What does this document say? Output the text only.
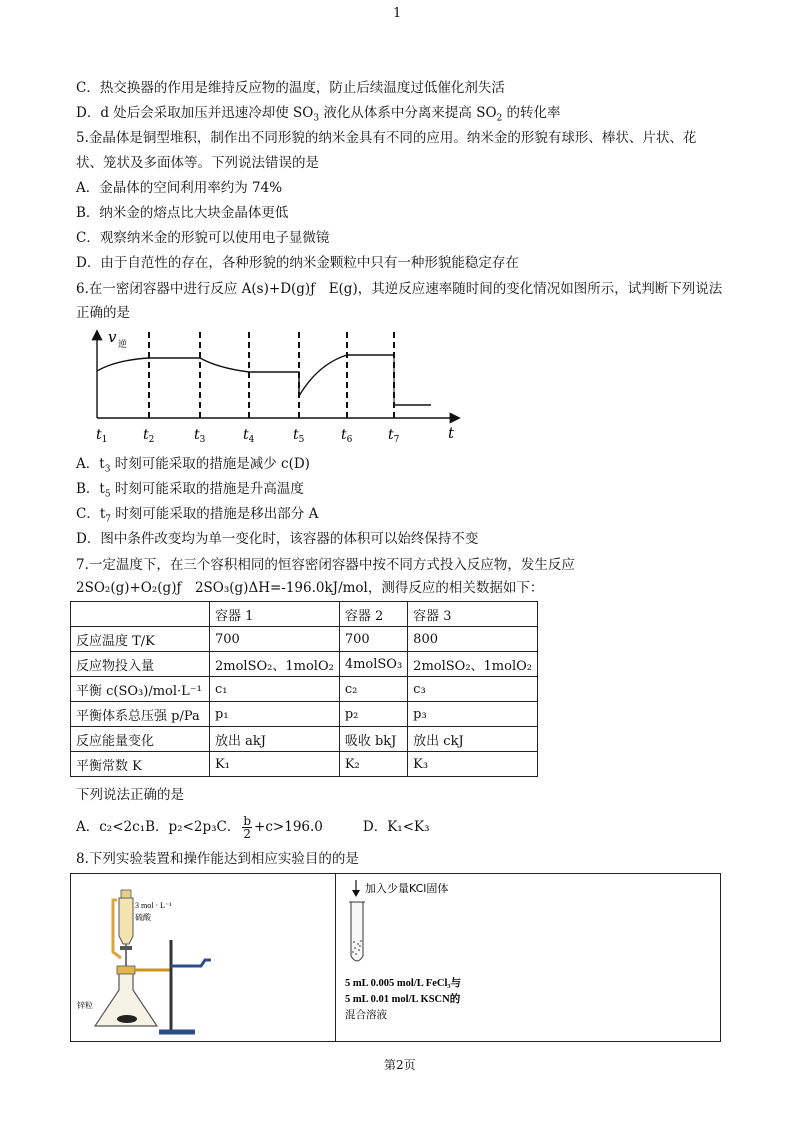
1
C．热交换器的作用是维持反应物的温度，防止后续温度过低催化剂失活
D．d 处后会采取加压并迅速冷却使 $SO_3$ 液化从体系中分离来提高 $SO_2$ 的转化率
5.金晶体是铜型堆积，制作出不同形貌的纳米金具有不同的应用。纳米金的形貌有球形、棒状、片状、花
状、笼状及多面体等。下列说法错误的是
A．金晶体的空间利用率约为 74%
B．纳米金的熔点比大块金晶体更低
C．观察纳米金的形貌可以使用电子显微镜
D．由于自范性的存在，各种形貌的纳米金颗粒中只有一种形貌能稳定存在
6.在一密闭容器中进行反应 A(s)+D(g)ƒ　E(g)，其逆反应速率随时间的变化情况如图所示，试判断下列说法
正确的是
v 逆
t
$t_1$	$t_2$	$t_3$	$t_4$	$t_5$	$t_6$	$t_7$
A．$t_3$ 时刻可能采取的措施是减少 c(D)
B．$t_5$ 时刻可能采取的措施是升高温度
C．$t_7$ 时刻可能采取的措施是移出部分 A
D．图中条件改变均为单一变化时，该容器的体积可以始终保持不变
7.一定温度下，在三个容积相同的恒容密闭容器中按不同方式投入反应物，发生反应
2SO₂(g)+O₂(g)ƒ　2SO₃(g)ΔH=-196.0kJ/mol，测得反应的相关数据如下：
	容器 1	容器 2	容器 3
反应温度 T/K	700	700	800
反应物投入量	2molSO₂、1molO₂	4molSO₃	2molSO₂、1molO₂
平衡 c(SO₃)/mol·L⁻¹	c₁	c₂	c₃
平衡体系总压强 p/Pa	p₁	p₂	p₃
反应能量变化	放出 akJ	吸收 bkJ	放出 ckJ
平衡常数 K	K₁	K₂	K₃
下列说法正确的是
A．c₂<2c₁B．p₂<2p₃C． $\frac{b}{2} +c>196.0$	D．K₁<K₃
8.下列实验装置和操作能达到相应实验目的的是
3 mol · L⁻¹
硫酸
锌粒
加入少量KCl固体
5 mL 0.005 mol/L FeCl₃与
5 mL 0.01 mol/L KSCN的
混合溶液
第2页
